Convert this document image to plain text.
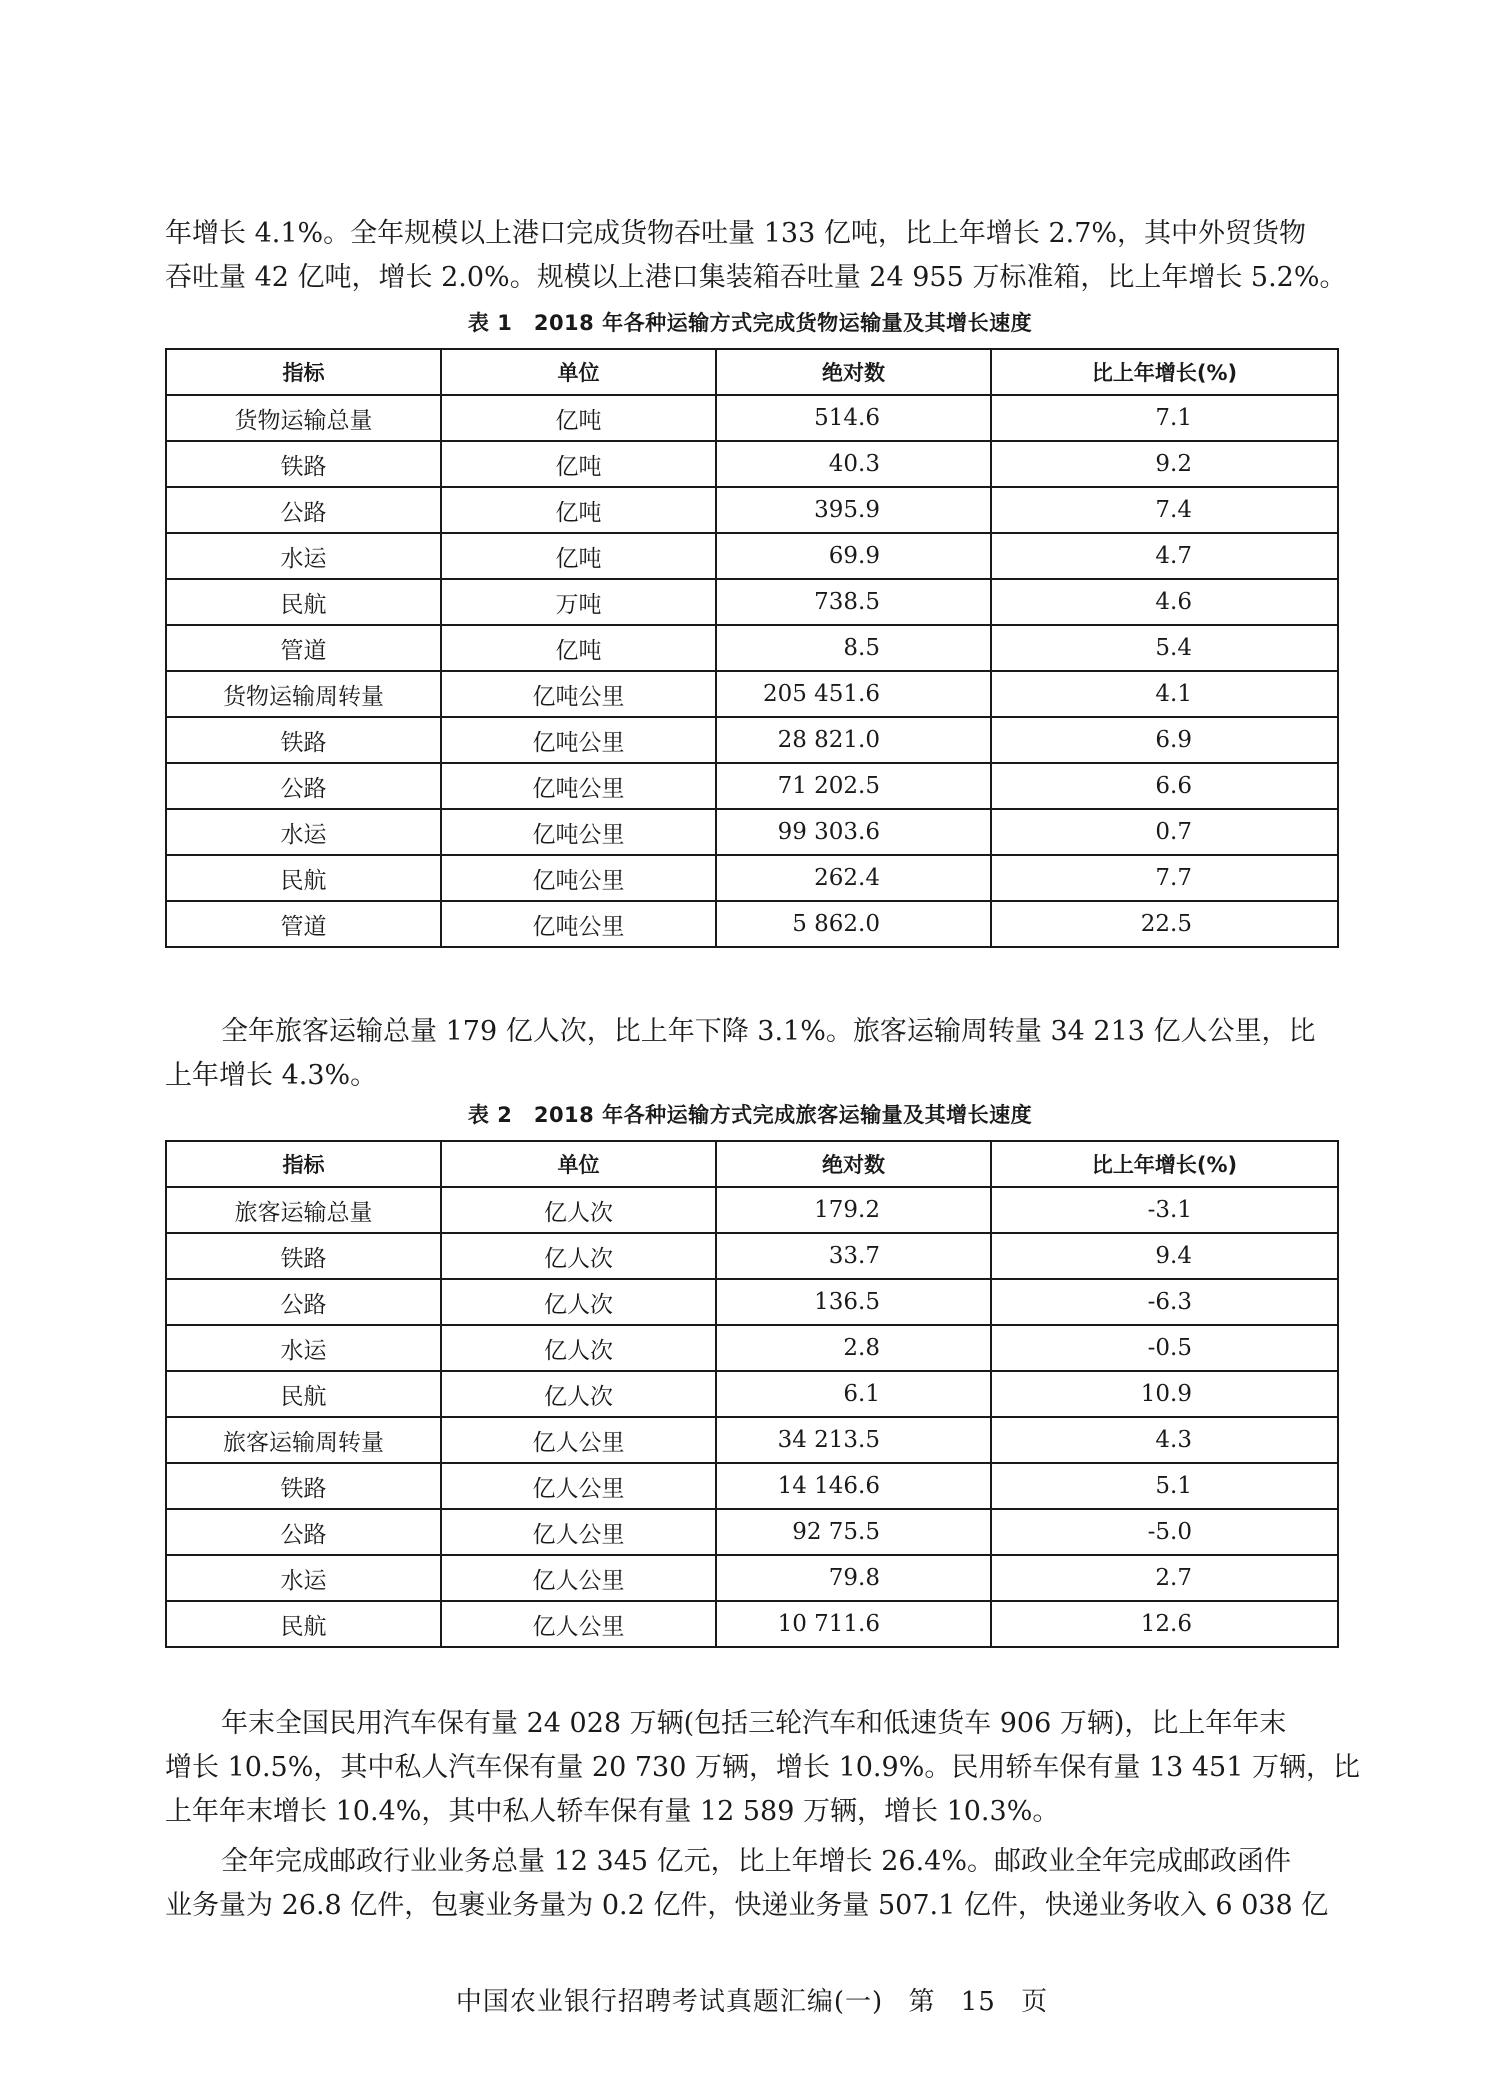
年增长 4.1%。全年规模以上港口完成货物吞吐量 133 亿吨，比上年增长 2.7%，其中外贸货物
吞吐量 42 亿吨，增长 2.0%。规模以上港口集装箱吞吐量 24 955 万标准箱，比上年增长 5.2%。
表 1　2018 年各种运输方式完成货物运输量及其增长速度
指标	单位	绝对数	比上年增长(%)
货物运输总量	亿吨	514.6	7.1
铁路	亿吨	40.3	9.2
公路	亿吨	395.9	7.4
水运	亿吨	69.9	4.7
民航	万吨	738.5	4.6
管道	亿吨	8.5	5.4
货物运输周转量	亿吨公里	205 451.6	4.1
铁路	亿吨公里	28 821.0	6.9
公路	亿吨公里	71 202.5	6.6
水运	亿吨公里	99 303.6	0.7
民航	亿吨公里	262.4	7.7
管道	亿吨公里	5 862.0	22.5
全年旅客运输总量 179 亿人次，比上年下降 3.1%。旅客运输周转量 34 213 亿人公里，比
上年增长 4.3%。
表 2　2018 年各种运输方式完成旅客运输量及其增长速度
指标	单位	绝对数	比上年增长(%)
旅客运输总量	亿人次	179.2	-3.1
铁路	亿人次	33.7	9.4
公路	亿人次	136.5	-6.3
水运	亿人次	2.8	-0.5
民航	亿人次	6.1	10.9
旅客运输周转量	亿人公里	34 213.5	4.3
铁路	亿人公里	14 146.6	5.1
公路	亿人公里	92 75.5	-5.0
水运	亿人公里	79.8	2.7
民航	亿人公里	10 711.6	12.6
年末全国民用汽车保有量 24 028 万辆(包括三轮汽车和低速货车 906 万辆)，比上年年末
增长 10.5%，其中私人汽车保有量 20 730 万辆，增长 10.9%。民用轿车保有量 13 451 万辆，比
上年年末增长 10.4%，其中私人轿车保有量 12 589 万辆，增长 10.3%。
全年完成邮政行业业务总量 12 345 亿元，比上年增长 26.4%。邮政业全年完成邮政函件
业务量为 26.8 亿件，包裹业务量为 0.2 亿件，快递业务量 507.1 亿件，快递业务收入 6 038 亿
中国农业银行招聘考试真题汇编(一) 第 15 页
